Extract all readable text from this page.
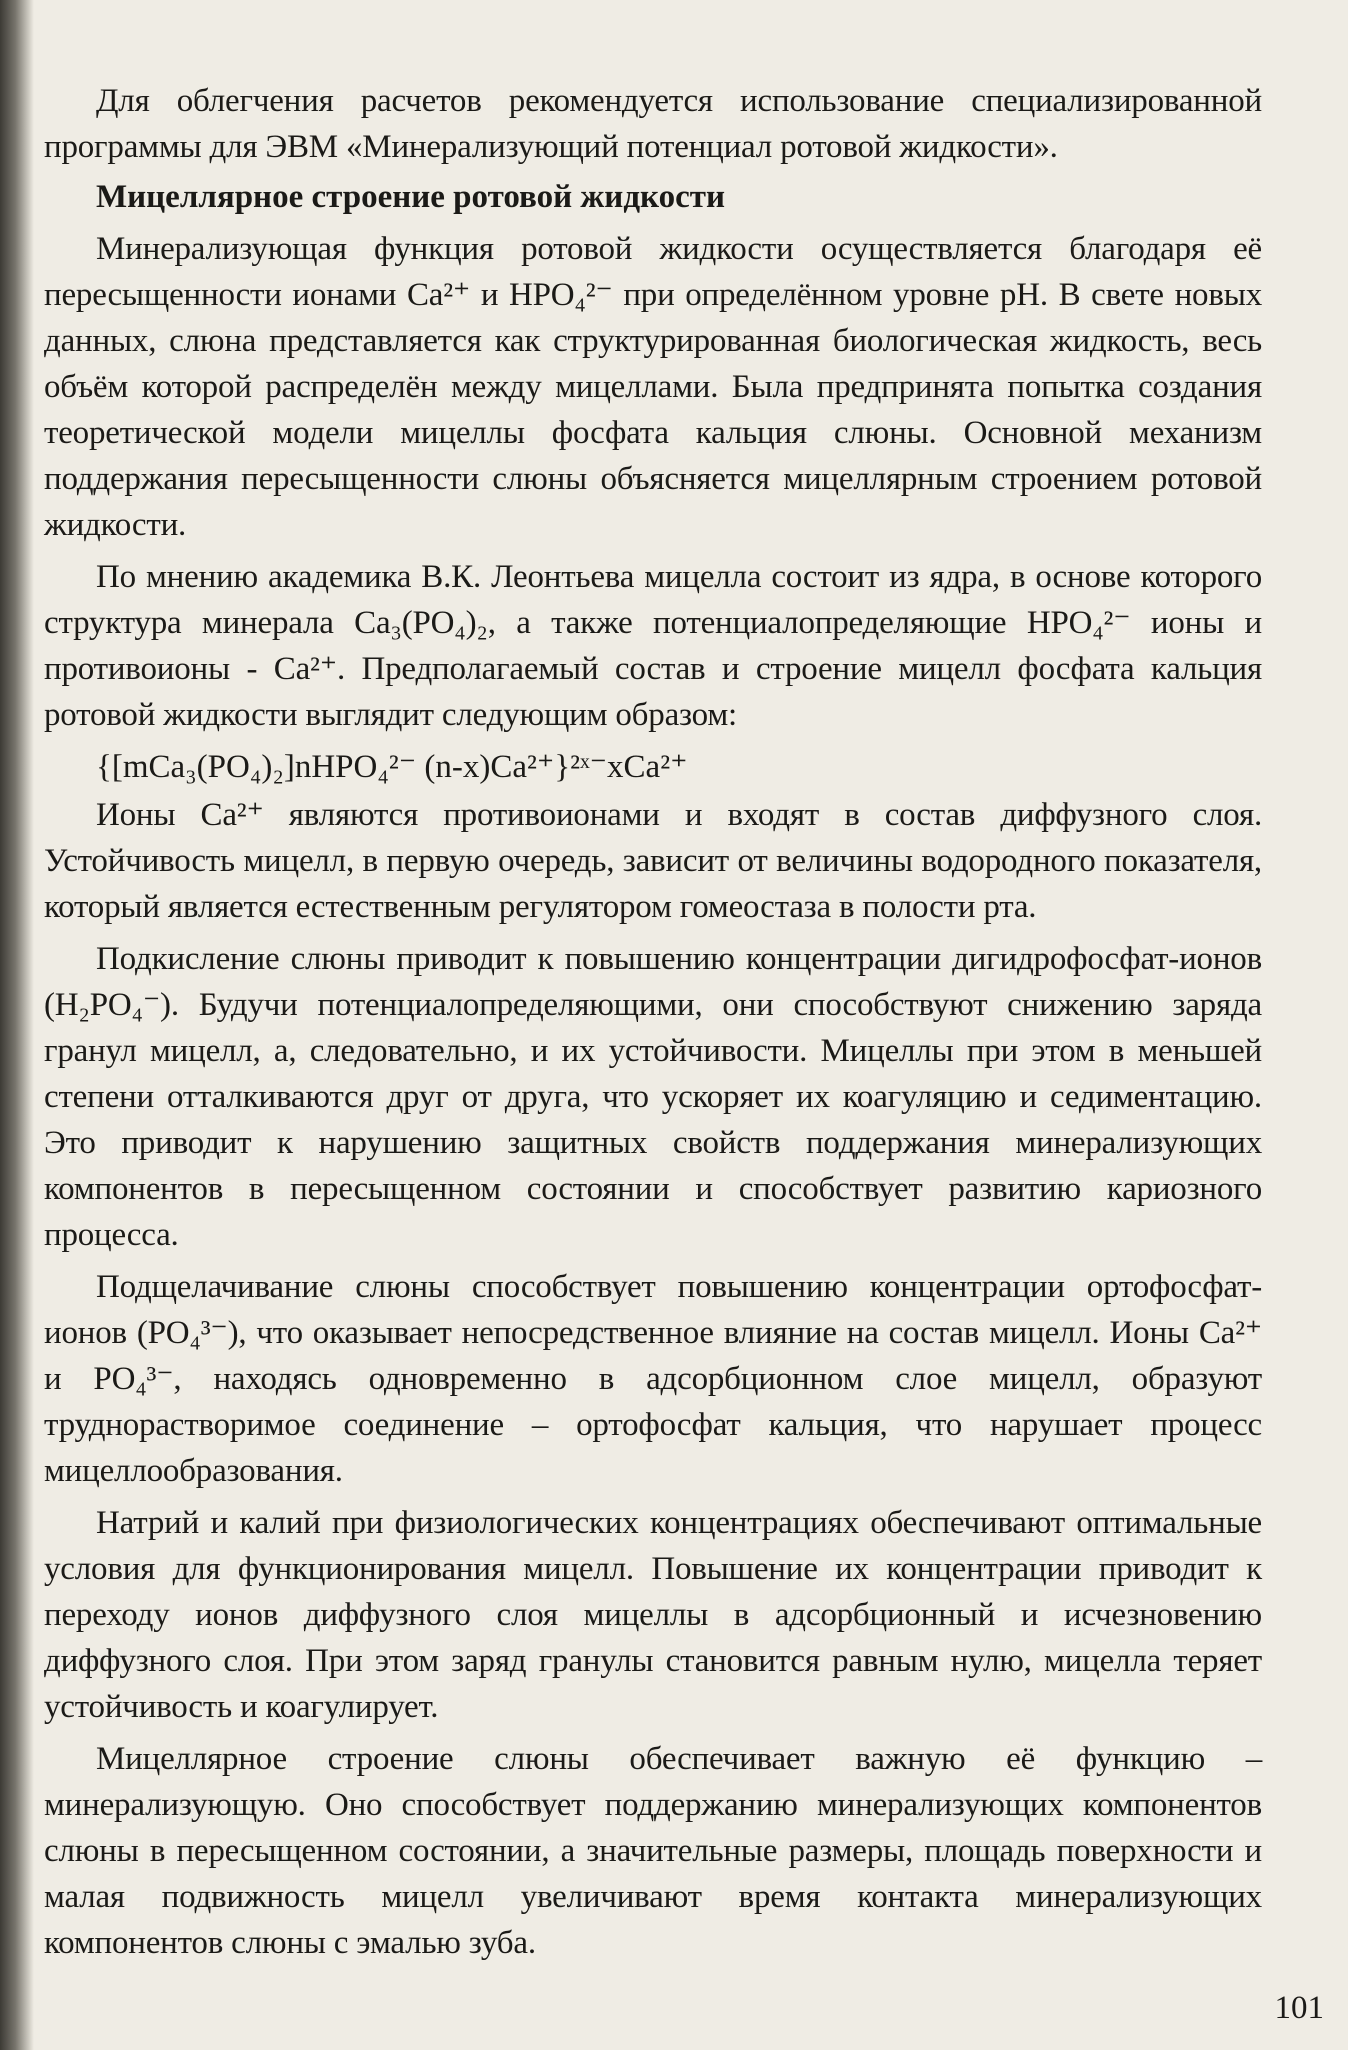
Для облегчения расчетов рекомендуется использование специализированной программы для ЭВМ «Минерализующий потенциал ротовой жидкости».

Мицеллярное строение ротовой жидкости

Минерализующая функция ротовой жидкости осуществляется благодаря её пересыщенности ионами Ca²⁺ и HPO₄²⁻ при определённом уровне pH. В свете новых данных, слюна представляется как структурированная биологическая жидкость, весь объём которой распределён между мицеллами. Была предпринята попытка создания теоретической модели мицеллы фосфата кальция слюны. Основной механизм поддержания пересыщенности слюны объясняется мицеллярным строением ротовой жидкости.

По мнению академика В.К. Леонтьева мицелла состоит из ядра, в основе которого структура минерала Ca₃(PO₄)₂, а также потенциалопределяющие HPO₄²⁻ ионы и противоионы - Ca²⁺. Предполагаемый состав и строение мицелл фосфата кальция ротовой жидкости выглядит следующим образом:

{[mCa₃(PO₄)₂]nHPO₄²⁻ (n-x)Ca²⁺}²ˣ⁻xCa²⁺

Ионы Ca²⁺ являются противоионами и входят в состав диффузного слоя. Устойчивость мицелл, в первую очередь, зависит от величины водородного показателя, который является естественным регулятором гомеостаза в полости рта.

Подкисление слюны приводит к повышению концентрации дигидрофосфат-ионов (H₂PO₄⁻). Будучи потенциалопределяющими, они способствуют снижению заряда гранул мицелл, а, следовательно, и их устойчивости. Мицеллы при этом в меньшей степени отталкиваются друг от друга, что ускоряет их коагуляцию и седиментацию. Это приводит к нарушению защитных свойств поддержания минерализующих компонентов в пересыщенном состоянии и способствует развитию кариозного процесса.

Подщелачивание слюны способствует повышению концентрации ортофосфат-ионов (PO₄³⁻), что оказывает непосредственное влияние на состав мицелл. Ионы Ca²⁺ и PO₄³⁻, находясь одновременно в адсорбционном слое мицелл, образуют труднорастворимое соединение – ортофосфат кальция, что нарушает процесс мицеллообразования.

Натрий и калий при физиологических концентрациях обеспечивают оптимальные условия для функционирования мицелл. Повышение их концентрации приводит к переходу ионов диффузного слоя мицеллы в адсорбционный и исчезновению диффузного слоя. При этом заряд гранулы становится равным нулю, мицелла теряет устойчивость и коагулирует.

Мицеллярное строение слюны обеспечивает важную её функцию – минерализующую. Оно способствует поддержанию минерализующих компонентов слюны в пересыщенном состоянии, а значительные размеры, площадь поверхности и малая подвижность мицелл увеличивают время контакта минерализующих компонентов слюны с эмалью зуба.

101
